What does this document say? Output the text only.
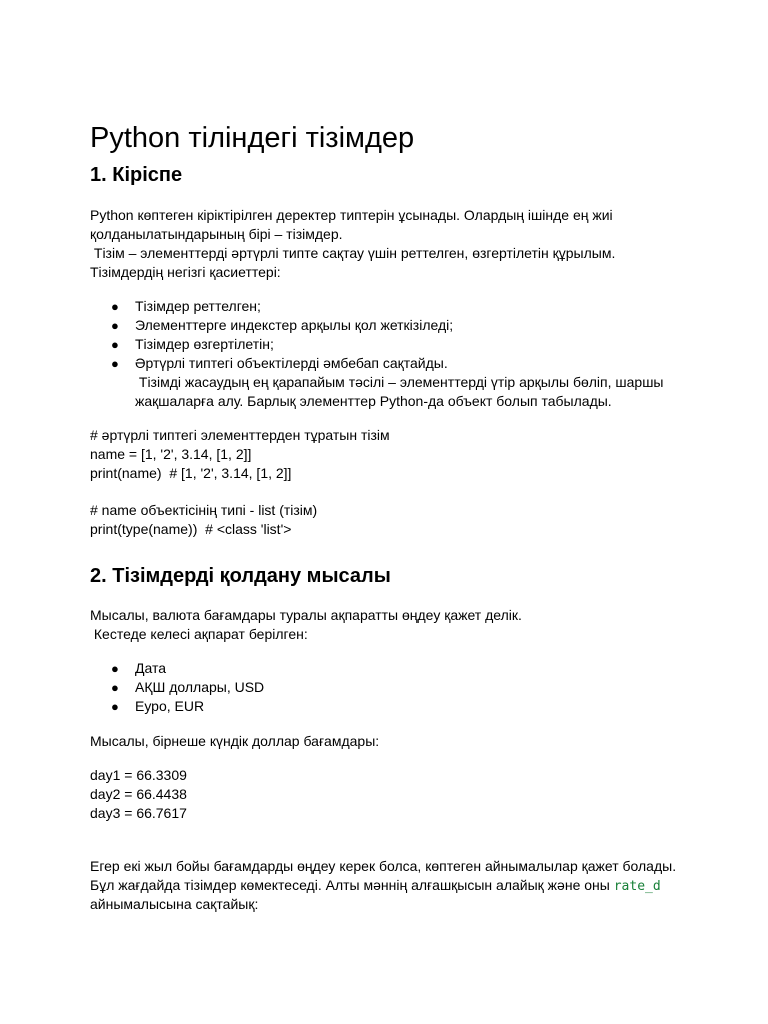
Python тіліндегі тізімдер
1. Кіріспе

Python көптеген кіріктірілген деректер типтерін ұсынады. Олардың ішінде ең жиі
қолданылатындарының бірі – тізімдер.
Тізім – элементтерді әртүрлі типте сақтау үшін реттелген, өзгертілетін құрылым.
Тізімдердің негізгі қасиеттері:

● Тізімдер реттелген;
● Элементтерге индекстер арқылы қол жеткізіледі;
● Тізімдер өзгертілетін;
● Әртүрлі типтегі объектілерді әмбебап сақтайды.
Тізімді жасаудың ең қарапайым тәсілі – элементтерді үтір арқылы бөліп, шаршы
жақшаларға алу. Барлық элементтер Python-да объект болып табылады.

# әртүрлі типтегі элементтерден тұратын тізім
name = [1, '2', 3.14, [1, 2]]
print(name)  # [1, '2', 3.14, [1, 2]]

# name объектісінің типі - list (тізім)
print(type(name))  # <class 'list'>

2. Тізімдерді қолдану мысалы

Мысалы, валюта бағамдары туралы ақпаратты өңдеу қажет делік.
Кестеде келесі ақпарат берілген:

● Дата
● АҚШ доллары, USD
● Еуро, EUR

Мысалы, бірнеше күндік доллар бағамдары:

day1 = 66.3309
day2 = 66.4438
day3 = 66.7617

Егер екі жыл бойы бағамдарды өңдеу керек болса, көптеген айнымалылар қажет болады.
Бұл жағдайда тізімдер көмектеседі. Алты мәннің алғашқысын алайық және оны rate_d
айнымалысына сақтайық:
